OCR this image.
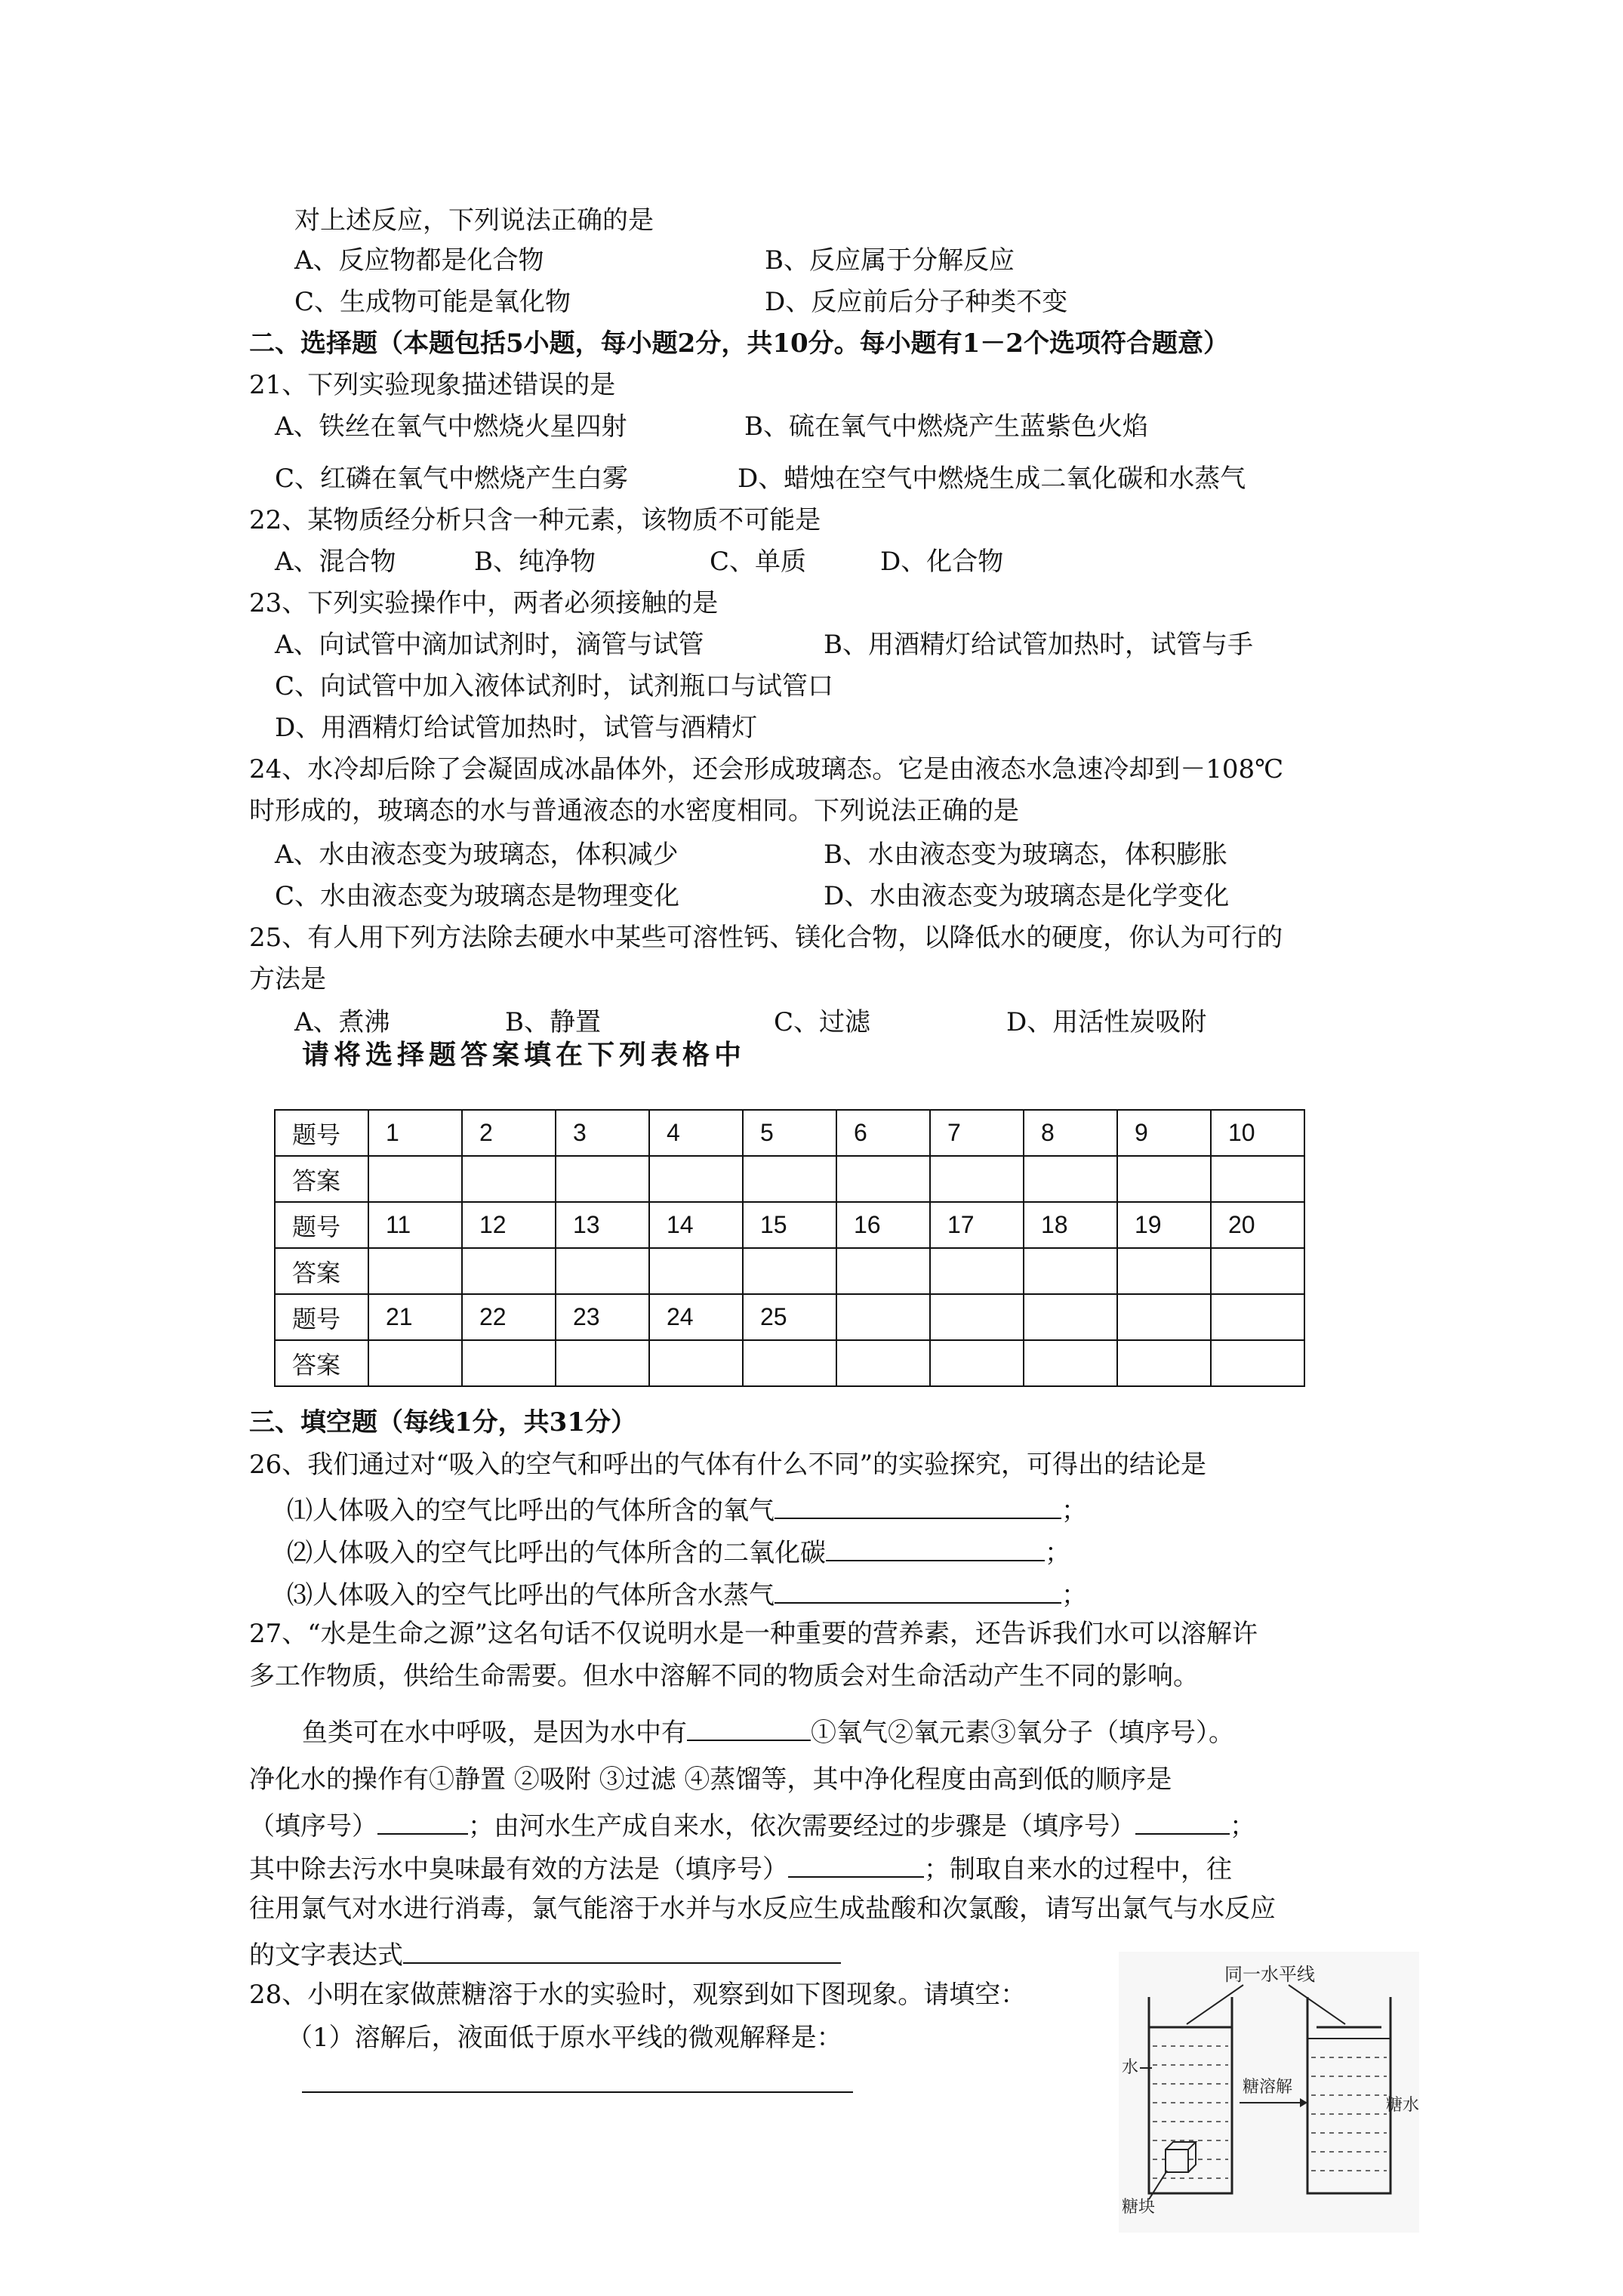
对上述反应，下列说法正确的是
A、反应物都是化合物	B、反应属于分解反应
C、生成物可能是氧化物	D、反应前后分子种类不变
二、选择题（本题包括5小题，每小题2分，共10分。每小题有1－2个选项符合题意）
21、下列实验现象描述错误的是
A、铁丝在氧气中燃烧火星四射	B、硫在氧气中燃烧产生蓝紫色火焰
C、红磷在氧气中燃烧产生白雾	D、蜡烛在空气中燃烧生成二氧化碳和水蒸气
22、某物质经分析只含一种元素，该物质不可能是
A、混合物	B、纯净物	C、单质	D、化合物
23、下列实验操作中，两者必须接触的是
A、向试管中滴加试剂时，滴管与试管	B、用酒精灯给试管加热时，试管与手
C、向试管中加入液体试剂时，试剂瓶口与试管口
D、用酒精灯给试管加热时，试管与酒精灯
24、水冷却后除了会凝固成冰晶体外，还会形成玻璃态。它是由液态水急速冷却到－108℃
时形成的，玻璃态的水与普通液态的水密度相同。下列说法正确的是
A、水由液态变为玻璃态，体积减少	B、水由液态变为玻璃态，体积膨胀
C、水由液态变为玻璃态是物理变化	D、水由液态变为玻璃态是化学变化
25、有人用下列方法除去硬水中某些可溶性钙、镁化合物，以降低水的硬度，你认为可行的
方法是
A、煮沸	B、静置	C、过滤	D、用活性炭吸附
请将选择题答案填在下列表格中
题号	1	2	3	4	5	6	7	8	9	10
答案										
题号	11	12	13	14	15	16	17	18	19	20
答案										
题号	21	22	23	24	25					
答案										
三、填空题（每线1分，共31分）
26、我们通过对“吸入的空气和呼出的气体有什么不同”的实验探究，可得出的结论是
⑴人体吸入的空气比呼出的气体所含的氧气	；
⑵人体吸入的空气比呼出的气体所含的二氧化碳	；
⑶人体吸入的空气比呼出的气体所含水蒸气	；
27、“水是生命之源”这名句话不仅说明水是一种重要的营养素，还告诉我们水可以溶解许
多工作物质，供给生命需要。但水中溶解不同的物质会对生命活动产生不同的影响。
鱼类可在水中呼吸，是因为水中有	①氧气②氧元素③氧分子（填序号）。
净化水的操作有①静置 ②吸附 ③过滤 ④蒸馏等，其中净化程度由高到低的顺序是
（填序号）	；由河水生产成自来水，依次需要经过的步骤是（填序号）	；
其中除去污水中臭味最有效的方法是（填序号）	；制取自来水的过程中，往
往用氯气对水进行消毒，氯气能溶于水并与水反应生成盐酸和次氯酸，请写出氯气与水反应
的文字表达式
28、小明在家做蔗糖溶于水的实验时，观察到如下图现象。请填空：
（1）溶解后，液面低于原水平线的微观解释是：
同一水平线
糖溶解
水
糖块
糖水
